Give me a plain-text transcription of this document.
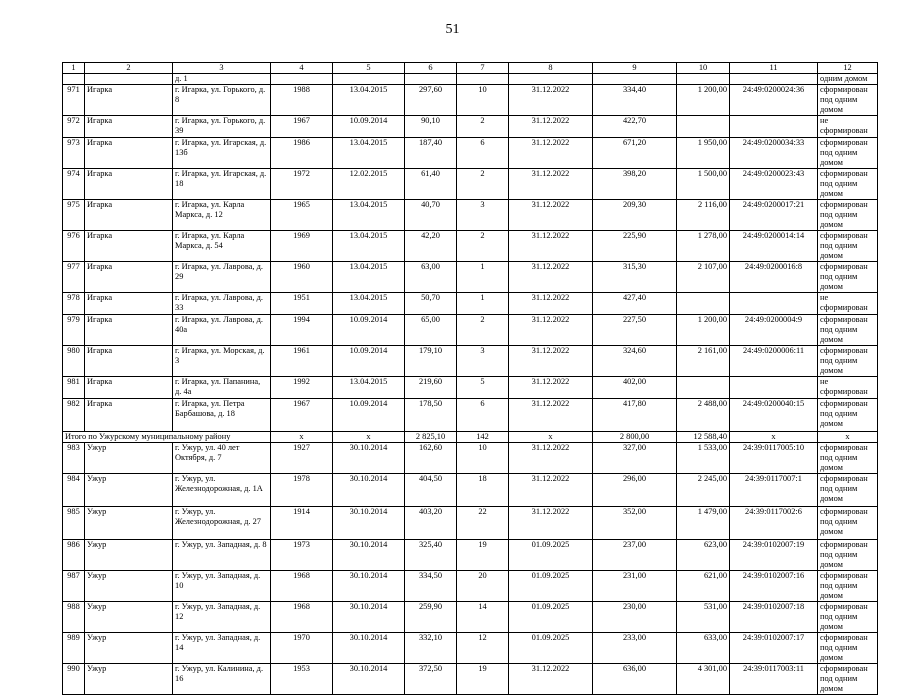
51
1	2	3	4	5	6	7	8	9	10	11	12
		д. 1									одним домом
971	Игарка	г. Игарка, ул. Горького, д. 8	1988	13.04.2015	297,60	10	31.12.2022	334,40	1 200,00	24:49:0200024:36	сформирован под одним домом
972	Игарка	г. Игарка, ул. Горького, д. 39	1967	10.09.2014	90,10	2	31.12.2022	422,70			не сформирован
973	Игарка	г. Игарка, ул. Игарская, д. 13б	1986	13.04.2015	187,40	6	31.12.2022	671,20	1 950,00	24:49:0200034:33	сформирован под одним домом
974	Игарка	г. Игарка, ул. Игарская, д. 18	1972	12.02.2015	61,40	2	31.12.2022	398,20	1 500,00	24:49:0200023:43	сформирован под одним домом
975	Игарка	г. Игарка, ул. Карла Маркса, д. 12	1965	13.04.2015	40,70	3	31.12.2022	209,30	2 116,00	24:49:0200017:21	сформирован под одним домом
976	Игарка	г. Игарка, ул. Карла Маркса, д. 54	1969	13.04.2015	42,20	2	31.12.2022	225,90	1 278,00	24:49:0200014:14	сформирован под одним домом
977	Игарка	г. Игарка, ул. Лаврова, д. 29	1960	13.04.2015	63,00	1	31.12.2022	315,30	2 107,00	24:49:0200016:8	сформирован под одним домом
978	Игарка	г. Игарка, ул. Лаврова, д. 33	1951	13.04.2015	50,70	1	31.12.2022	427,40			не сформирован
979	Игарка	г. Игарка, ул. Лаврова, д. 40а	1994	10.09.2014	65,00	2	31.12.2022	227,50	1 200,00	24:49:0200004:9	сформирован под одним домом
980	Игарка	г. Игарка, ул. Морская, д. 3	1961	10.09.2014	179,10	3	31.12.2022	324,60	2 161,00	24:49:0200006:11	сформирован под одним домом
981	Игарка	г. Игарка, ул. Папанина, д. 4а	1992	13.04.2015	219,60	5	31.12.2022	402,00			не сформирован
982	Игарка	г. Игарка, ул. Петра Барбашова, д. 18	1967	10.09.2014	178,50	6	31.12.2022	417,80	2 488,00	24:49:0200040:15	сформирован под одним домом
Итого по Ужурскому муниципальному району			х	х	2 825,10	142	х	2 800,00	12 588,40	х	х
983	Ужур	г. Ужур, ул. 40 лет Октября, д. 7	1927	30.10.2014	162,60	10	31.12.2022	327,00	1 533,00	24:39:0117005:10	сформирован под одним домом
984	Ужур	г. Ужур, ул. Железнодорожная, д. 1А	1978	30.10.2014	404,50	18	31.12.2022	296,00	2 245,00	24:39:0117007:1	сформирован под одним домом
985	Ужур	г. Ужур, ул. Железнодорожная, д. 27	1914	30.10.2014	403,20	22	31.12.2022	352,00	1 479,00	24:39:0117002:6	сформирован под одним домом
986	Ужур	г. Ужур, ул. Западная, д. 8	1973	30.10.2014	325,40	19	01.09.2025	237,00	623,00	24:39:0102007:19	сформирован под одним домом
987	Ужур	г. Ужур, ул. Западная, д. 10	1968	30.10.2014	334,50	20	01.09.2025	231,00	621,00	24:39:0102007:16	сформирован под одним домом
988	Ужур	г. Ужур, ул. Западная, д. 12	1968	30.10.2014	259,90	14	01.09.2025	230,00	531,00	24:39:0102007:18	сформирован под одним домом
989	Ужур	г. Ужур, ул. Западная, д. 14	1970	30.10.2014	332,10	12	01.09.2025	233,00	633,00	24:39:0102007:17	сформирован под одним домом
990	Ужур	г. Ужур, ул. Калинина, д. 16	1953	30.10.2014	372,50	19	31.12.2022	636,00	4 301,00	24:39:0117003:11	сформирован под одним домом
